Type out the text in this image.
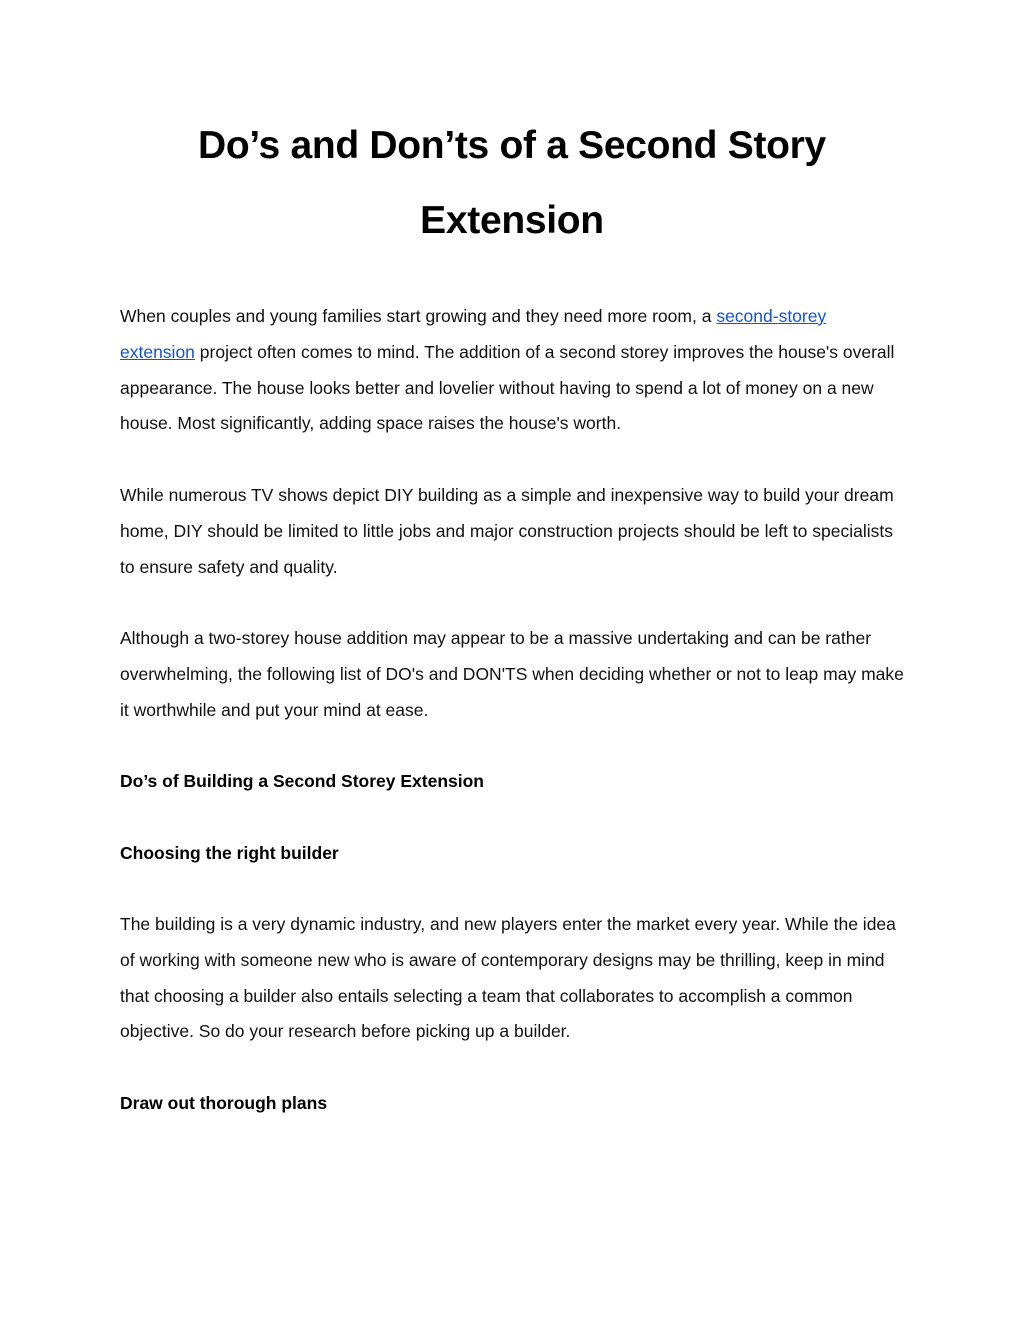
Do’s and Don’ts of a Second Story Extension

When couples and young families start growing and they need more room, a second-storey extension project often comes to mind. The addition of a second storey improves the house's overall appearance. The house looks better and lovelier without having to spend a lot of money on a new house. Most significantly, adding space raises the house's worth.

While numerous TV shows depict DIY building as a simple and inexpensive way to build your dream home, DIY should be limited to little jobs and major construction projects should be left to specialists to ensure safety and quality.

Although a two-storey house addition may appear to be a massive undertaking and can be rather overwhelming, the following list of DO's and DON'TS when deciding whether or not to leap may make it worthwhile and put your mind at ease.

Do’s of Building a Second Storey Extension

Choosing the right builder

The building is a very dynamic industry, and new players enter the market every year. While the idea of working with someone new who is aware of contemporary designs may be thrilling, keep in mind that choosing a builder also entails selecting a team that collaborates to accomplish a common objective. So do your research before picking up a builder.

Draw out thorough plans
